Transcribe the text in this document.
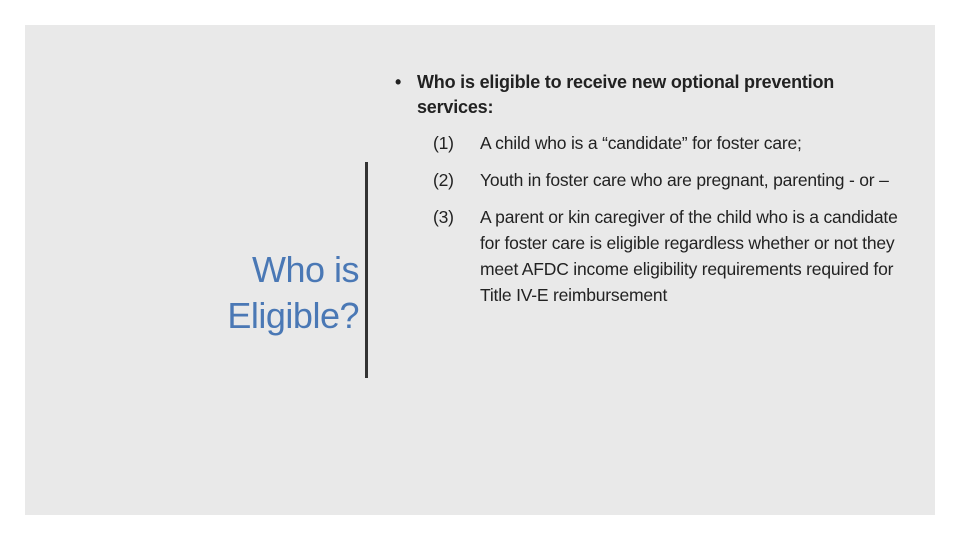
Who is
Eligible?
• Who is eligible to receive new optional prevention services:
(1) A child who is a “candidate” for foster care;
(2) Youth in foster care who are pregnant, parenting - or –
(3) A parent or kin caregiver of the child who is a candidate for foster care is eligible regardless whether or not they meet AFDC income eligibility requirements required for Title IV-E reimbursement
